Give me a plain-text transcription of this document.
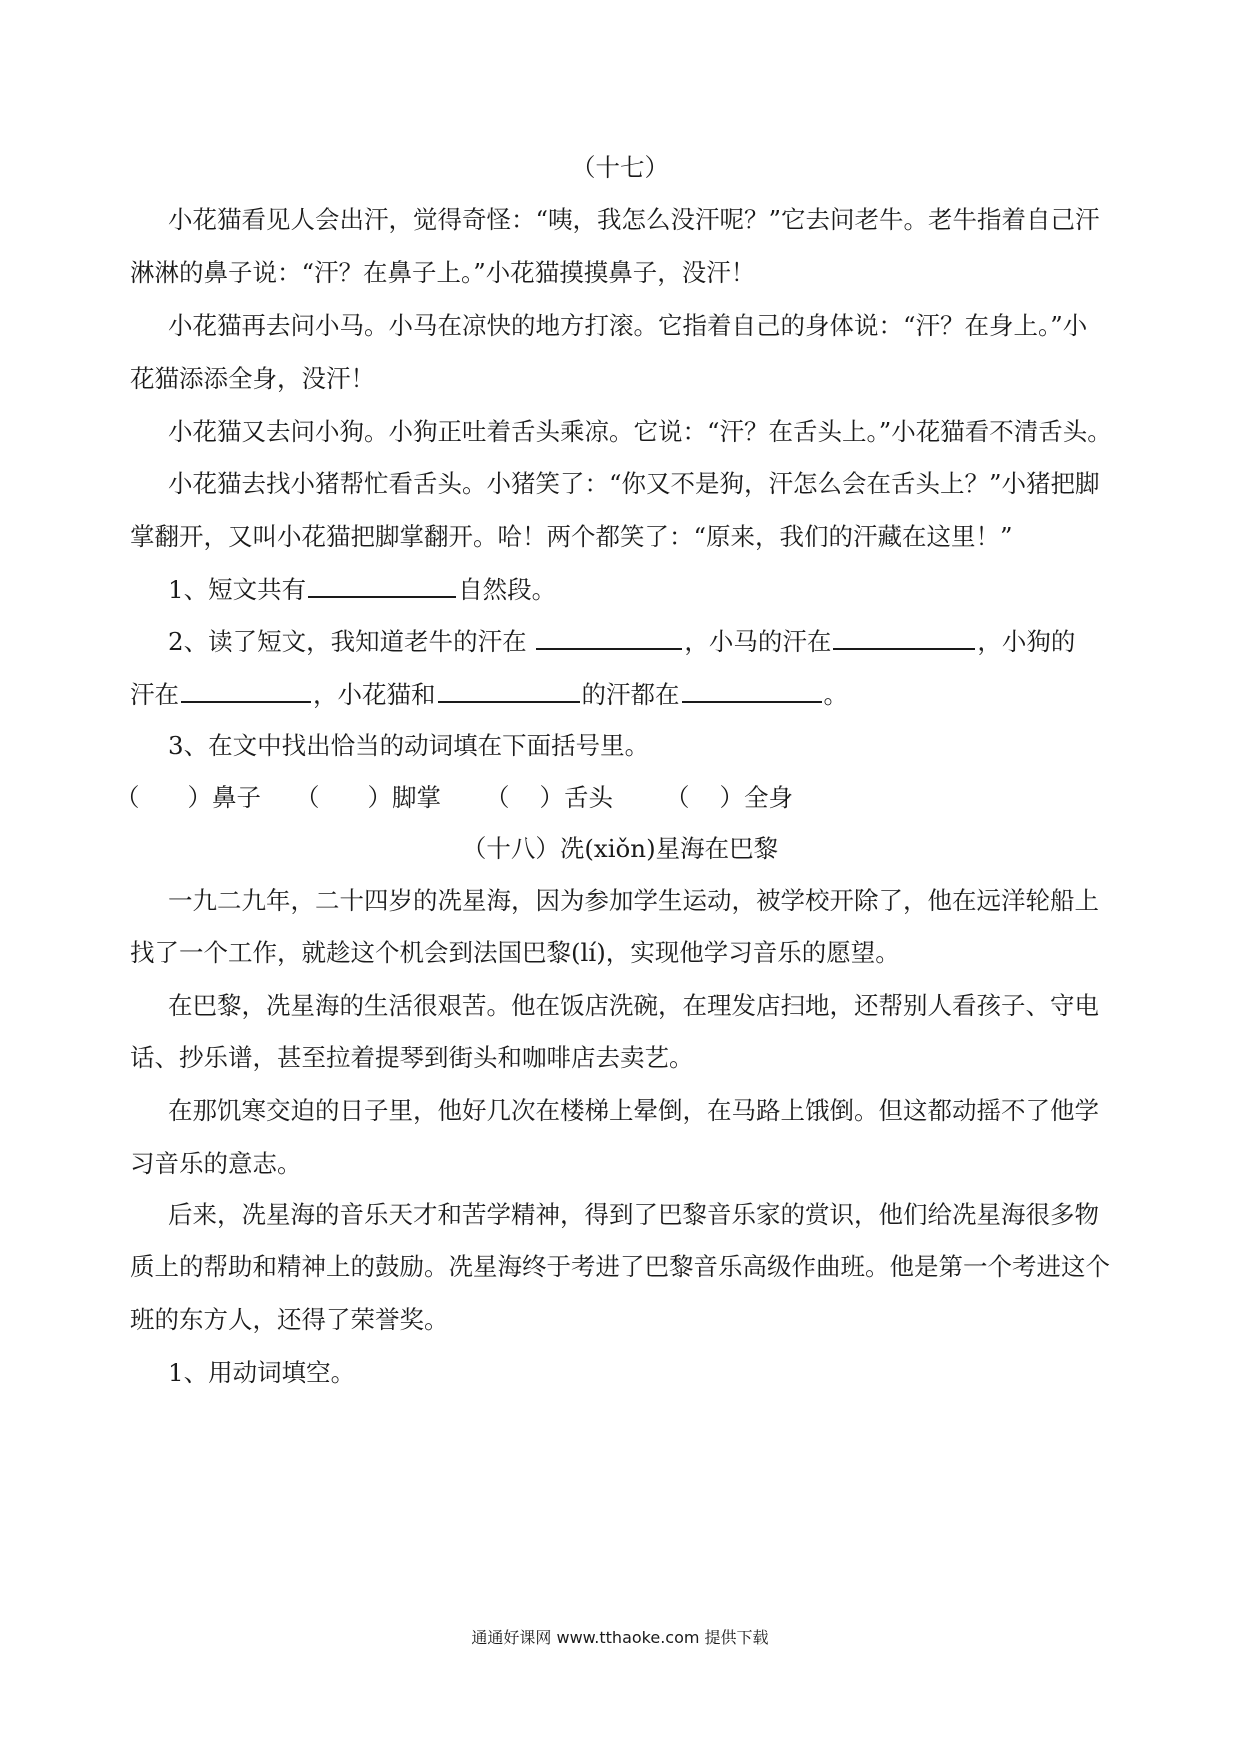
（十七）
小花猫看见人会出汗，觉得奇怪：“咦，我怎么没汗呢？”它去问老牛。老牛指着自己汗
淋淋的鼻子说：“汗？在鼻子上。”小花猫摸摸鼻子，没汗！
小花猫再去问小马。小马在凉快的地方打滚。它指着自己的身体说：“汗？在身上。”小
花猫添添全身，没汗！
小花猫又去问小狗。小狗正吐着舌头乘凉。它说：“汗？在舌头上。”小花猫看不清舌头。
小花猫去找小猪帮忙看舌头。小猪笑了：“你又不是狗，汗怎么会在舌头上？”小猪把脚
掌翻开，又叫小花猫把脚掌翻开。哈！两个都笑了：“原来，我们的汗藏在这里！”
1、短文共有	自然段。
2、读了短文，我知道老牛的汗在	，小马的汗在	，小狗的
汗在	，小花猫和	的汗都在	。
3、在文中找出恰当的动词填在下面括号里。
（ ）鼻子 （ ）脚掌 （ ）舌头 （ ）全身
（十八）冼(xiǒn)星海在巴黎
一九二九年，二十四岁的冼星海，因为参加学生运动，被学校开除了，他在远洋轮船上
找了一个工作，就趁这个机会到法国巴黎(lí)，实现他学习音乐的愿望。
在巴黎，冼星海的生活很艰苦。他在饭店洗碗，在理发店扫地，还帮别人看孩子、守电
话、抄乐谱，甚至拉着提琴到街头和咖啡店去卖艺。
在那饥寒交迫的日子里，他好几次在楼梯上晕倒，在马路上饿倒。但这都动摇不了他学
习音乐的意志。
后来，冼星海的音乐天才和苦学精神，得到了巴黎音乐家的赏识，他们给冼星海很多物
质上的帮助和精神上的鼓励。冼星海终于考进了巴黎音乐高级作曲班。他是第一个考进这个
班的东方人，还得了荣誉奖。
1、用动词填空。
通通好课网 www.tthaoke.com 提供下载
